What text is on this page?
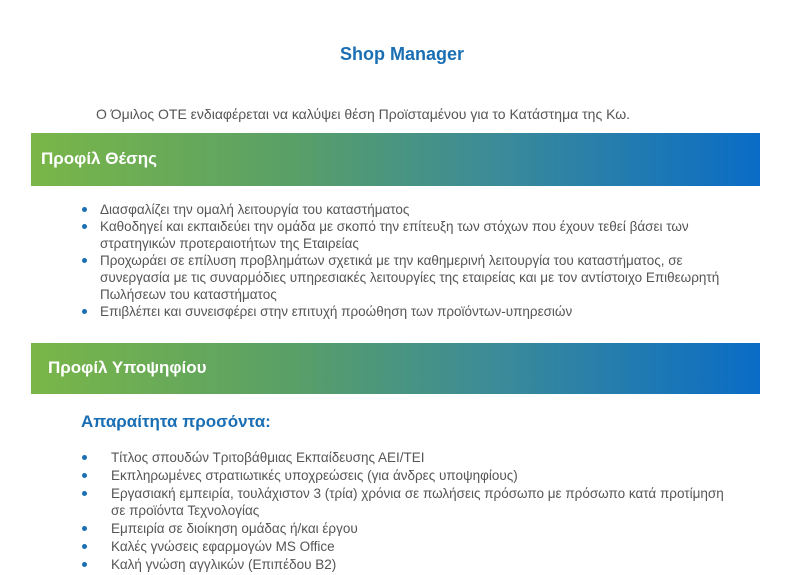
Shop Manager
Ο Όμιλος ΟΤΕ ενδιαφέρεται να καλύψει θέση Προϊσταμένου για το Κατάστημα της Κω.
Προφίλ Θέσης
Διασφαλίζει την ομαλή λειτουργία του καταστήματος
Καθοδηγεί και εκπαιδεύει την ομάδα με σκοπό την επίτευξη των στόχων που έχουν τεθεί βάσει των στρατηγικών προτεραιοτήτων της Εταιρείας
Προχωράει σε επίλυση προβλημάτων σχετικά με την καθημερινή λειτουργία του καταστήματος, σε συνεργασία με τις συναρμόδιες υπηρεσιακές λειτουργίες της εταιρείας και με τον αντίστοιχο Επιθεωρητή Πωλήσεων του καταστήματος
Επιβλέπει και συνεισφέρει στην επιτυχή προώθηση των προϊόντων-υπηρεσιών
Προφίλ Υποψηφίου
Απαραίτητα προσόντα:
Τίτλος σπουδών Τριτοβάθμιας Εκπαίδευσης ΑΕΙ/ΤΕΙ
Εκπληρωμένες στρατιωτικές υποχρεώσεις (για άνδρες υποψηφίους)
Εργασιακή εμπειρία, τουλάχιστον 3 (τρία) χρόνια σε πωλήσεις πρόσωπο με πρόσωπο κατά προτίμηση σε προϊόντα Τεχνολογίας
Εμπειρία σε διοίκηση ομάδας ή/και έργου
Καλές γνώσεις εφαρμογών MS Office
Καλή γνώση αγγλικών (Επιπέδου Β2)
